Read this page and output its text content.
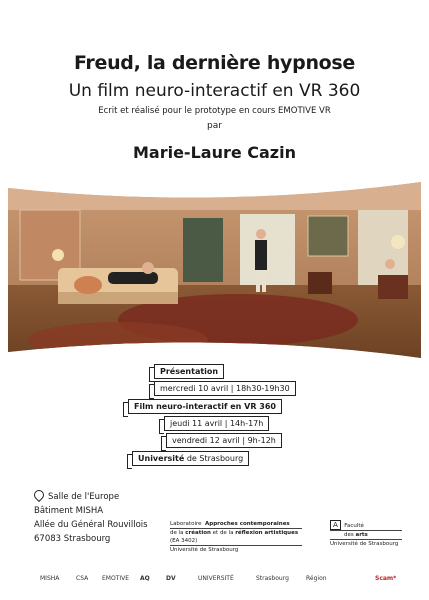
Freud, la dernière hypnose
Un film neuro-interactif en VR 360
Ecrit et réalisé pour le prototype en cours EMOTIVE VR
par
Marie-Laure Cazin
Présentation
mercredi 10 avril | 18h30-19h30
Film neuro-interactif en VR 360
jeudi 11 avril | 14h-17h
vendredi 12 avril | 9h-12h
Université de Strasbourg
Salle de l'Europe
Bâtiment MISHA
Allée du Général Rouvillois
67083 Strasbourg
Laboratoire Approches contemporaines
de la création et de la réflexion artistiques (EA 3402)
Université de Strasbourg
A Faculté
des arts
Université de Strasbourg
MISHA	CSA EMOTIVE AQ	DV	UNIVERSITÉ	Strasbourg	Région	Scam*
